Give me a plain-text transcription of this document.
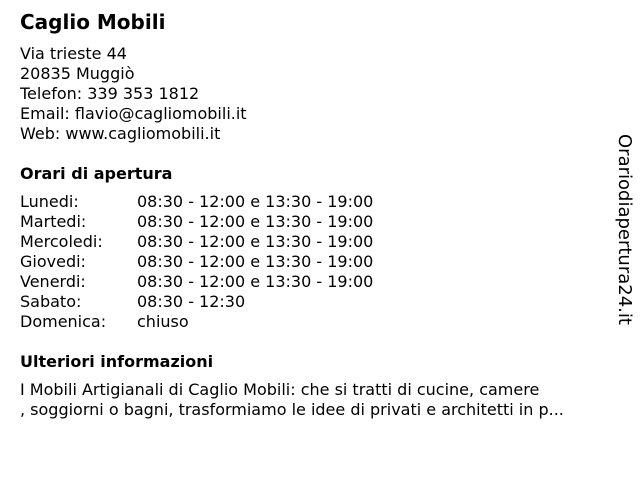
Caglio Mobili
Via trieste 44
20835 Muggiò
Telefon: 339 353 1812
Email: flavio@cagliomobili.it
Web: www.cagliomobili.it
Orari di apertura
Lunedi:	08:30 - 12:00 e 13:30 - 19:00
Martedi:	08:30 - 12:00 e 13:30 - 19:00
Mercoledi:	08:30 - 12:00 e 13:30 - 19:00
Giovedi:	08:30 - 12:00 e 13:30 - 19:00
Venerdi:	08:30 - 12:00 e 13:30 - 19:00
Sabato:	08:30 - 12:30
Domenica:	chiuso
Ulteriori informazioni
I Mobili Artigianali di Caglio Mobili: che si tratti di cucine, camere
, soggiorni o bagni, trasformiamo le idee di privati e architetti in p...
Orariodiapertura24.it
